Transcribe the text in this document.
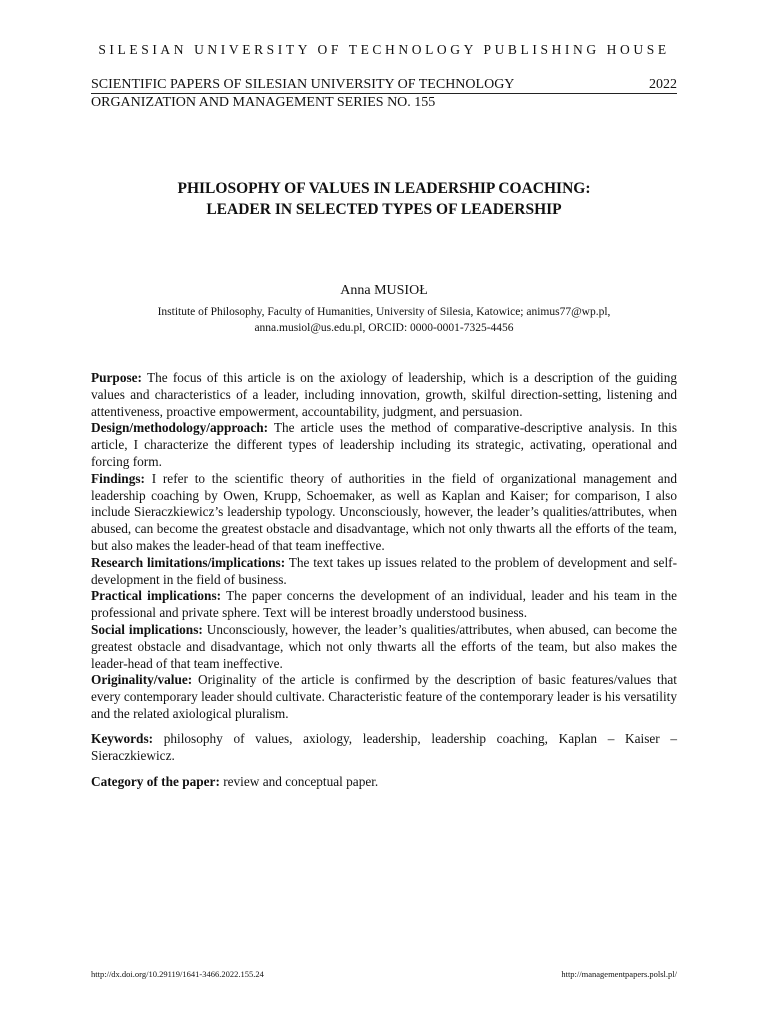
SILESIAN UNIVERSITY OF TECHNOLOGY PUBLISHING HOUSE
SCIENTIFIC PAPERS OF SILESIAN UNIVERSITY OF TECHNOLOGY	2022
ORGANIZATION AND MANAGEMENT SERIES NO. 155
PHILOSOPHY OF VALUES IN LEADERSHIP COACHING:
LEADER IN SELECTED TYPES OF LEADERSHIP
Anna MUSIOŁ
Institute of Philosophy, Faculty of Humanities, University of Silesia, Katowice; animus77@wp.pl,
anna.musiol@us.edu.pl, ORCID: 0000-0001-7325-4456

Purpose: The focus of this article is on the axiology of leadership, which is a description of the guiding values and characteristics of a leader, including innovation, growth, skilful direction-setting, listening and attentiveness, proactive empowerment, accountability, judgment, and persuasion.

Design/methodology/approach: The article uses the method of comparative-descriptive analysis. In this article, I characterize the different types of leadership including its strategic, activating, operational and forcing form.

Findings: I refer to the scientific theory of authorities in the field of organizational management and leadership coaching by Owen, Krupp, Schoemaker, as well as Kaplan and Kaiser; for comparison, I also include Sieraczkiewicz’s leadership typology. Unconsciously, however, the leader’s qualities/attributes, when abused, can become the greatest obstacle and disadvantage, which not only thwarts all the efforts of the team, but also makes the leader-head of that team ineffective.

Research limitations/implications: The text takes up issues related to the problem of development and self-development in the field of business.

Practical implications: The paper concerns the development of an individual, leader and his team in the professional and private sphere. Text will be interest broadly understood business.

Social implications: Unconsciously, however, the leader’s qualities/attributes, when abused, can become the greatest obstacle and disadvantage, which not only thwarts all the efforts of the team, but also makes the leader-head of that team ineffective.

Originality/value: Originality of the article is confirmed by the description of basic features/values that every contemporary leader should cultivate. Characteristic feature of the contemporary leader is his versatility and the related axiological pluralism.

Keywords: philosophy of values, axiology, leadership, leadership coaching, Kaplan – Kaiser – Sieraczkiewicz.

Category of the paper: review and conceptual paper.

http://dx.doi.org/10.29119/1641-3466.2022.155.24	http://managementpapers.polsl.pl/
